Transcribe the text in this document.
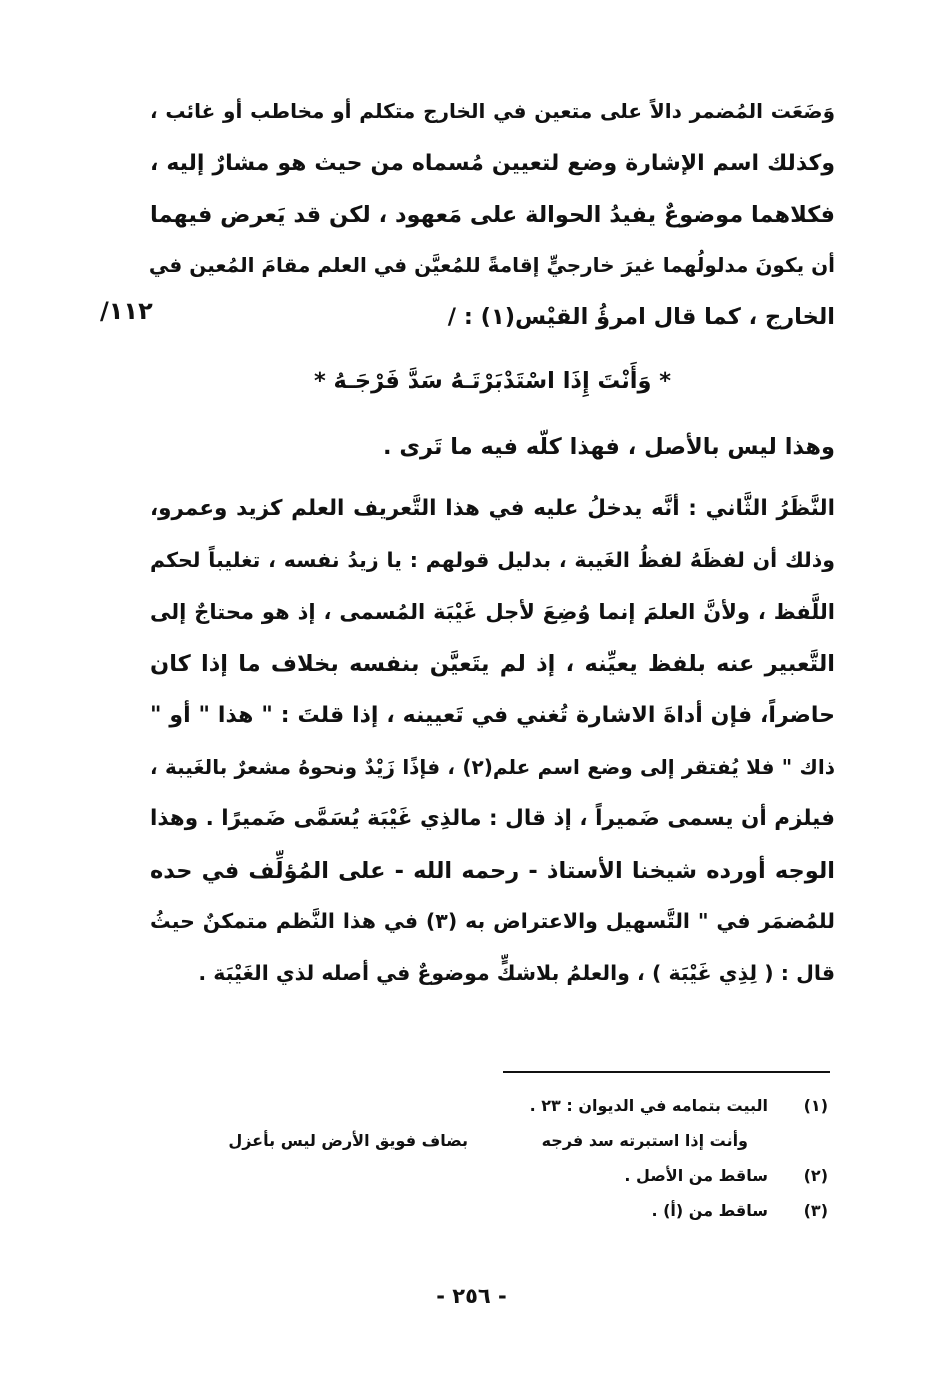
وَضَعَت المُضمر دالاً على متعين في الخارج متكلم أو مخاطب أو غائب ،
وكذلك اسم الإشارة وضع لتعيين مُسماه من حيث هو مشارٌ إليه ،
فكلاهما موضوعٌ يفيدُ الحوالة على مَعهود ، لكن قد يَعرض فيهما
أن يكونَ مدلولُهما غيرَ خارجيٍّ إقامةً للمُعيَّن في العلم مقامَ المُعين في
الخارج ، كما قال امرؤُ القيْس(١) : /
/١١٢
* وَأَنْتَ إِذَا اسْتَدْبَرْتَـهُ سَدَّ فَرْجَـهُ *
وهذا ليس بالأصل ، فهذا كلّه فيه ما تَرى .
النَّظَرُ الثَّاني : أنَّه يدخلُ عليه في هذا التَّعريف العلم كزيد وعمرو،
وذلك أن لفظَهُ لفظُ الغَيبة ، بدليل قولهم : يا زيدُ نفسه ، تغليباً لحكم
اللَّفظ ، ولأنَّ العلمَ إنما وُضِعَ لأجل غَيْبَة المُسمى ، إذ هو محتاجٌ إلى
التَّعبير عنه بلفظ يعيِّنه ، إذ لم يتَعيَّن بنفسه بخلاف ما إذا كان
حاضراً، فإن أداةَ الاشارة تُغني في تَعيينه ، إذا قلتَ : " هذا " أو "
ذاك " فلا يُفتقر إلى وضع اسم علم(٢) ، فإذًا زَيْدٌ ونحوهُ مشعرٌ بالغَيبة ،
فيلزم أن يسمى ضَميراً ، إذ قال : مالذِي غَيْبَة يُسَمَّى ضَميرًا . وهذا
الوجه أورده شيخنا الأستاذ - رحمه الله - على المُؤلِّف في حده
للمُضمَر في " التَّسهيل والاعتراض به (٣) في هذا النَّظم متمكنٌ حيثُ
قال : ( لِذِي غَيْبَة ) ، والعلمُ بلاشكٍّ موضوعٌ في أصله لذي الغَيْبَة .
(١)
البيت بتمامه في الديوان : ٢٣ .
وأنت إذا استبرته سد فرجه
بضاف فويق الأرض ليس بأعزل
(٢)
ساقط من الأصل .
(٣)
ساقط من (أ) .
- ٢٥٦ -
